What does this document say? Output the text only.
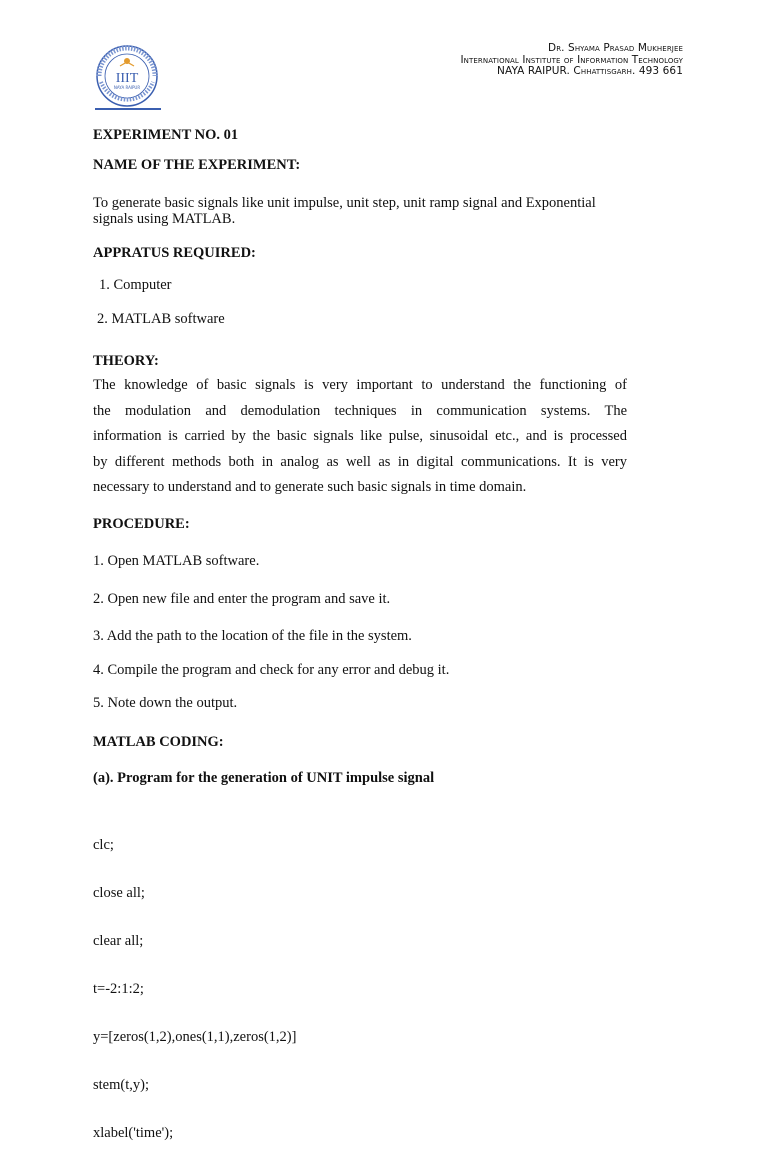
IIIT
NAYA RAIPUR
Dr. Shyama Prasad Mukherjee
International Institute of Information Technology
NAYA RAIPUR. Chhattisgarh. 493 661
EXPERIMENT NO. 01
NAME OF THE EXPERIMENT:
To generate basic signals like unit impulse, unit step, unit ramp signal and Exponential
signals using MATLAB.
APPRATUS REQUIRED:
1. Computer
2. MATLAB software
THEORY:

The knowledge of basic signals is very important to understand the functioning of

the modulation and demodulation techniques in communication systems. The

information is carried by the basic signals like pulse, sinusoidal etc., and is processed

by different methods both in analog as well as in digital communications. It is very

necessary to understand and to generate such basic signals in time domain.

PROCEDURE:
1. Open MATLAB software.
2. Open new file and enter the program and save it.
3. Add the path to the location of the file in the system.
4. Compile the program and check for any error and debug it.
5. Note down the output.
MATLAB CODING:
(a). Program for the generation of UNIT impulse signal

clc;

close all;

clear all;

t=-2:1:2;

y=[zeros(1,2),ones(1,1),zeros(1,2)]

stem(t,y);

xlabel('time');
